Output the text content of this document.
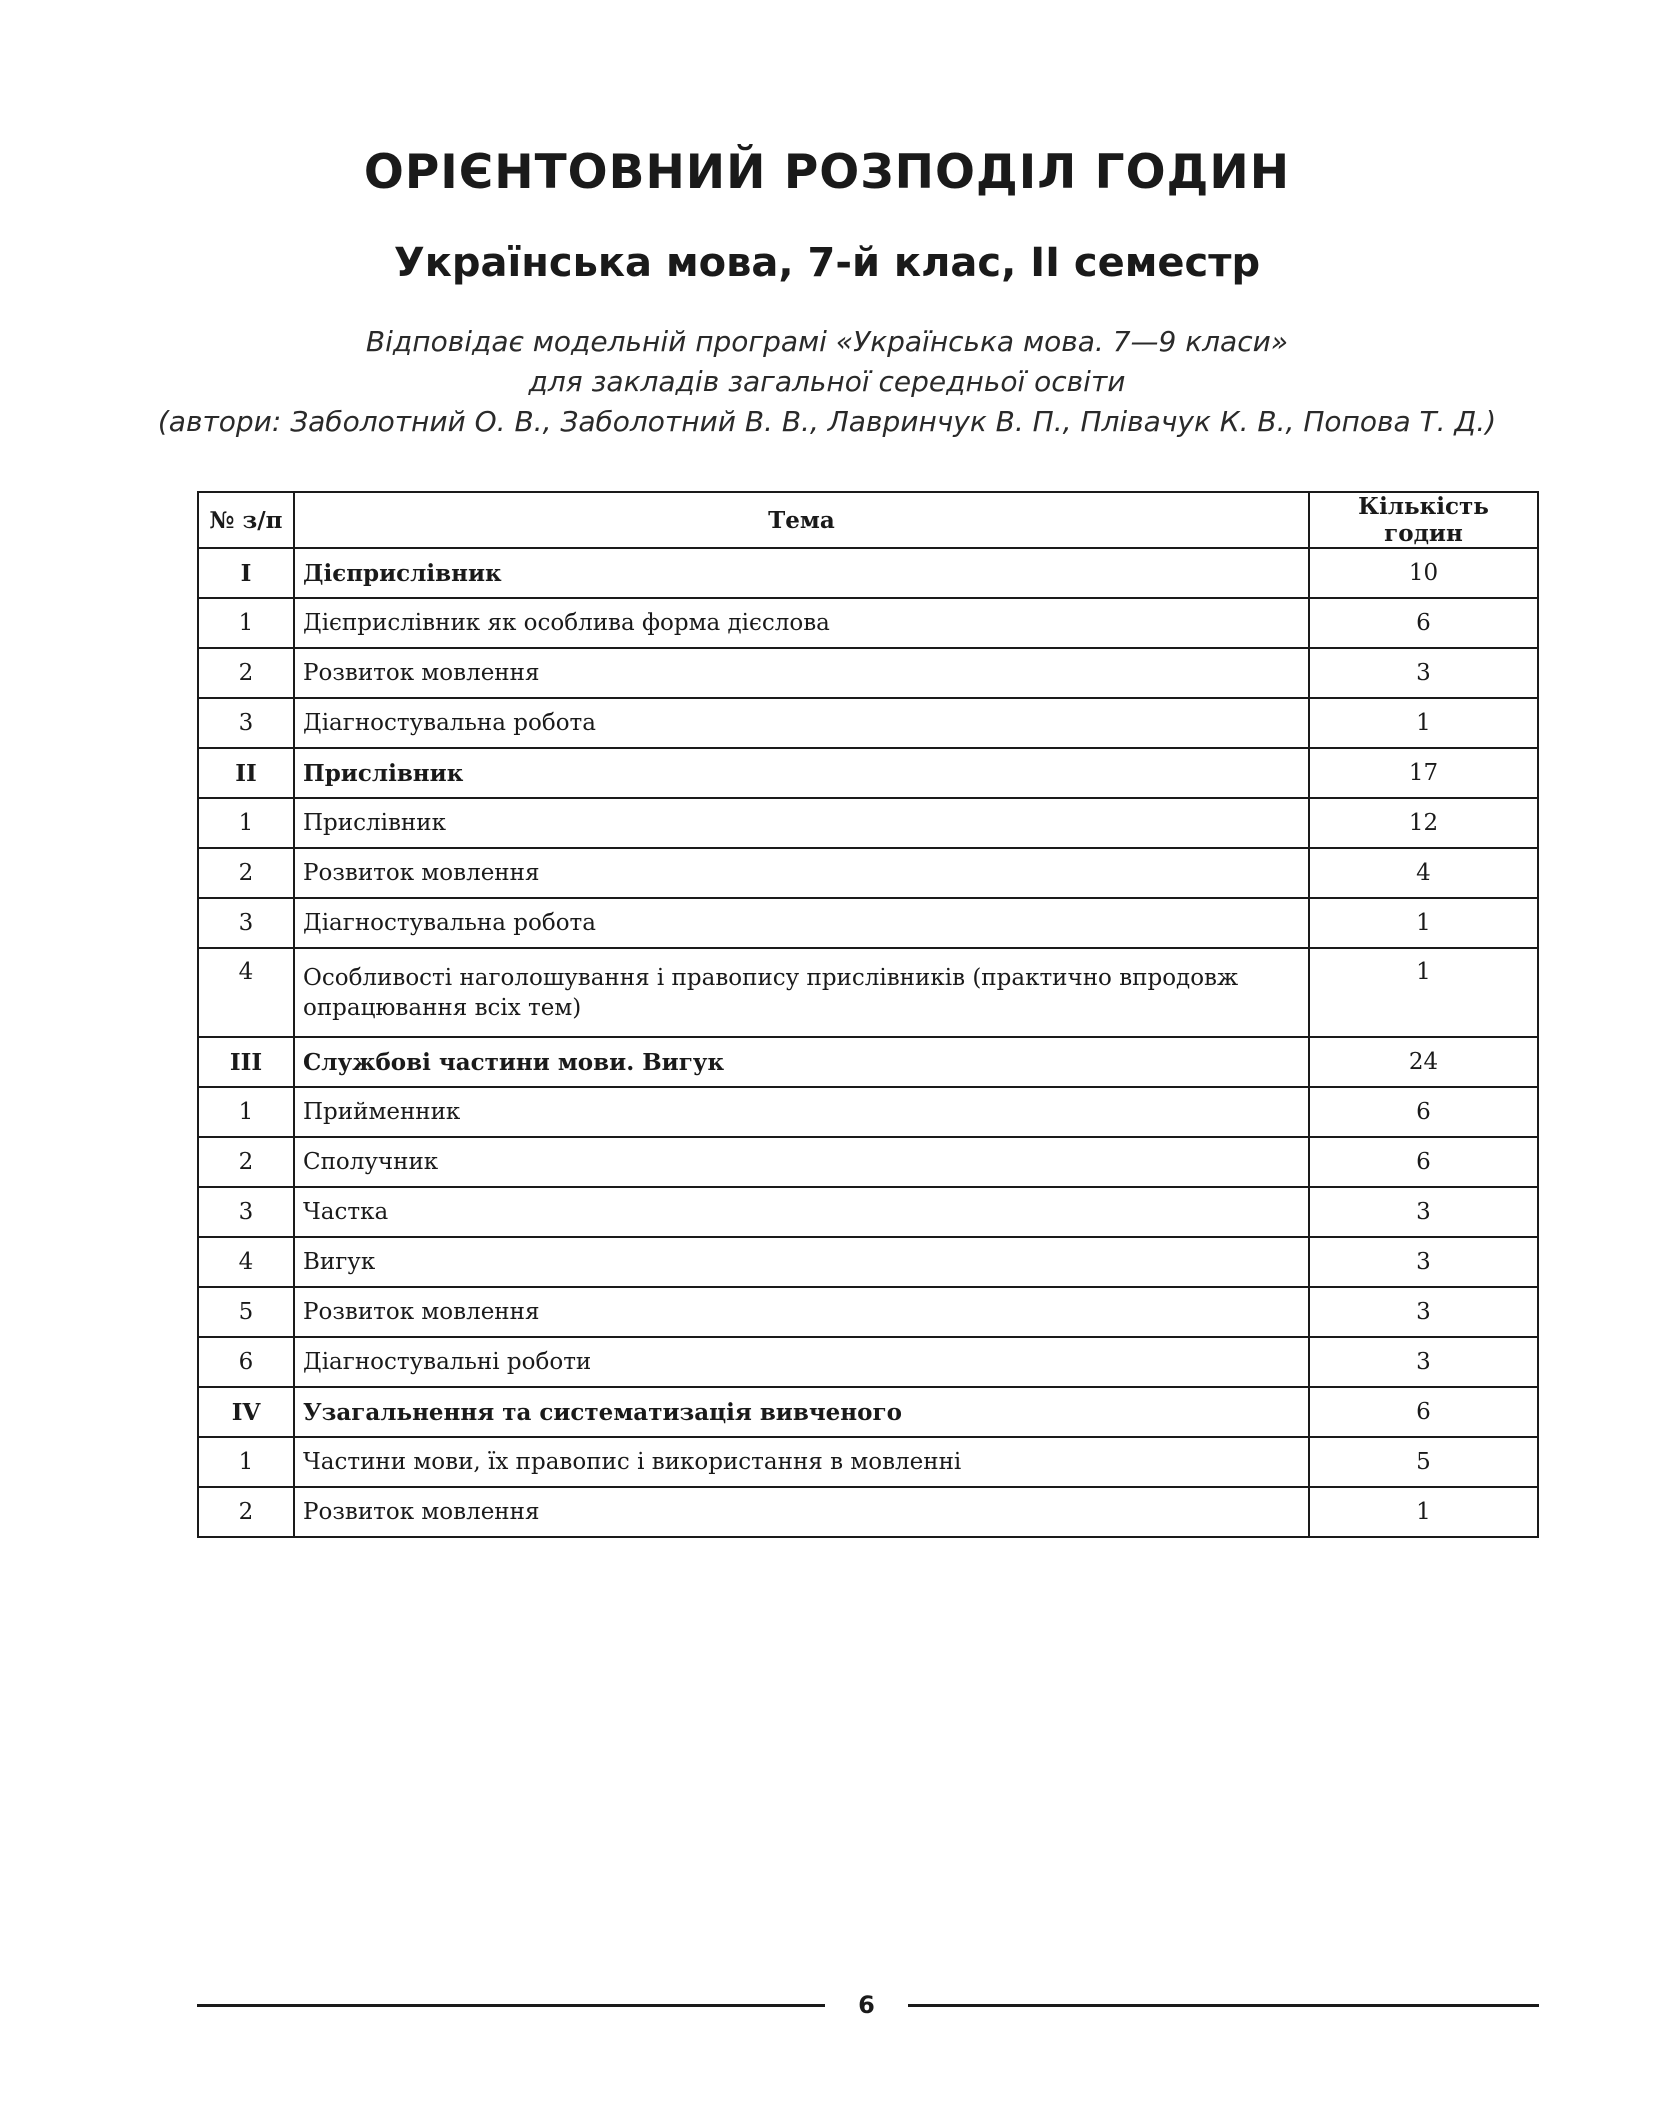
ОРІЄНТОВНИЙ РОЗПОДІЛ ГОДИН
Українська мова, 7-й клас, ІІ семестр
Відповідає модельній програмі «Українська мова. 7—9 класи»
для закладів загальної середньої освіти
(автори: Заболотний О. В., Заболотний В. В., Лавринчук В. П., Плівачук К. В., Попова Т. Д.)
№ з/п	Тема	Кількість годин
І	Дієприслівник	10
1	Дієприслівник як особлива форма дієслова	6
2	Розвиток мовлення	3
3	Діагностувальна робота	1
ІІ	Прислівник	17
1	Прислівник	12
2	Розвиток мовлення	4
3	Діагностувальна робота	1
4	Особливості наголошування і правопису прислівників (практично впродовж опрацювання всіх тем)	1
ІІІ	Службові частини мови. Вигук	24
1	Прийменник	6
2	Сполучник	6
3	Частка	3
4	Вигук	3
5	Розвиток мовлення	3
6	Діагностувальні роботи	3
IV	Узагальнення та систематизація вивченого	6
1	Частини мови, їх правопис і використання в мовленні	5
2	Розвиток мовлення	1
6
